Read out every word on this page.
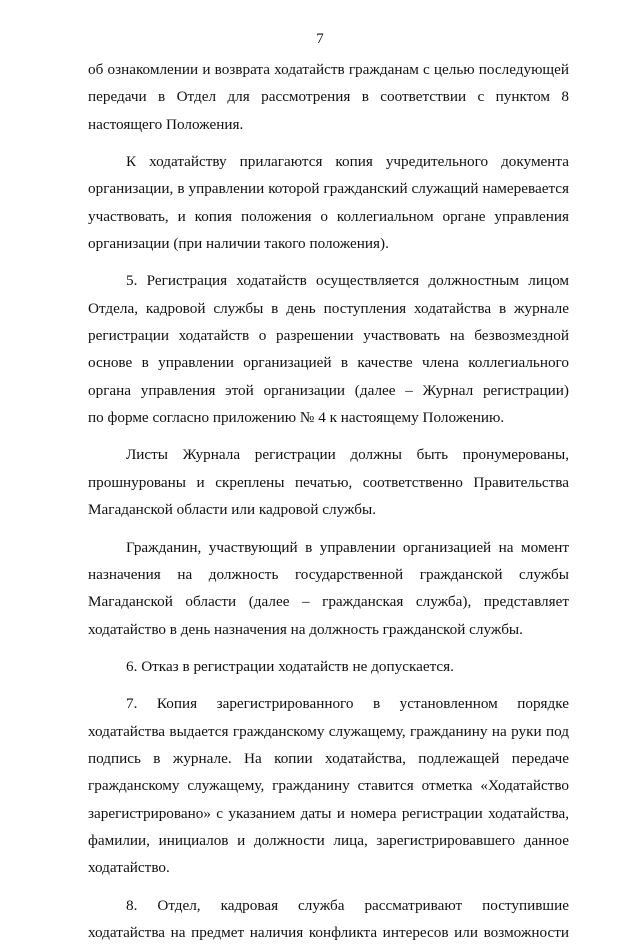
7
об ознакомлении и возврата ходатайств гражданам с целью последующей
передачи в Отдел для рассмотрения в соответствии с пунктом 8
настоящего Положения.
К ходатайству прилагаются копия учредительного документа
организации, в управлении которой гражданский служащий намеревается
участвовать, и копия положения о коллегиальном органе управления
организации (при наличии такого положения).
5. Регистрация ходатайств осуществляется должностным лицом
Отдела, кадровой службы в день поступления ходатайства в журнале
регистрации ходатайств о разрешении участвовать на безвозмездной
основе в управлении организацией в качестве члена коллегиального
органа управления этой организации (далее – Журнал регистрации)
по форме согласно приложению № 4 к настоящему Положению.
Листы Журнала регистрации должны быть пронумерованы,
прошнурованы и скреплены печатью, соответственно Правительства
Магаданской области или кадровой службы.
Гражданин, участвующий в управлении организацией на момент
назначения на должность государственной гражданской службы
Магаданской области (далее – гражданская служба), представляет
ходатайство в день назначения на должность гражданской службы.
6. Отказ в регистрации ходатайств не допускается.
7. Копия зарегистрированного в установленном порядке
ходатайства выдается гражданскому служащему, гражданину на руки под
подпись в журнале. На копии ходатайства, подлежащей передаче
гражданскому служащему, гражданину ставится отметка «Ходатайство
зарегистрировано» с указанием даты и номера регистрации ходатайства,
фамилии, инициалов и должности лица, зарегистрировавшего данное
ходатайство.
8. Отдел, кадровая служба рассматривают поступившие
ходатайства на предмет наличия конфликта интересов или возможности
